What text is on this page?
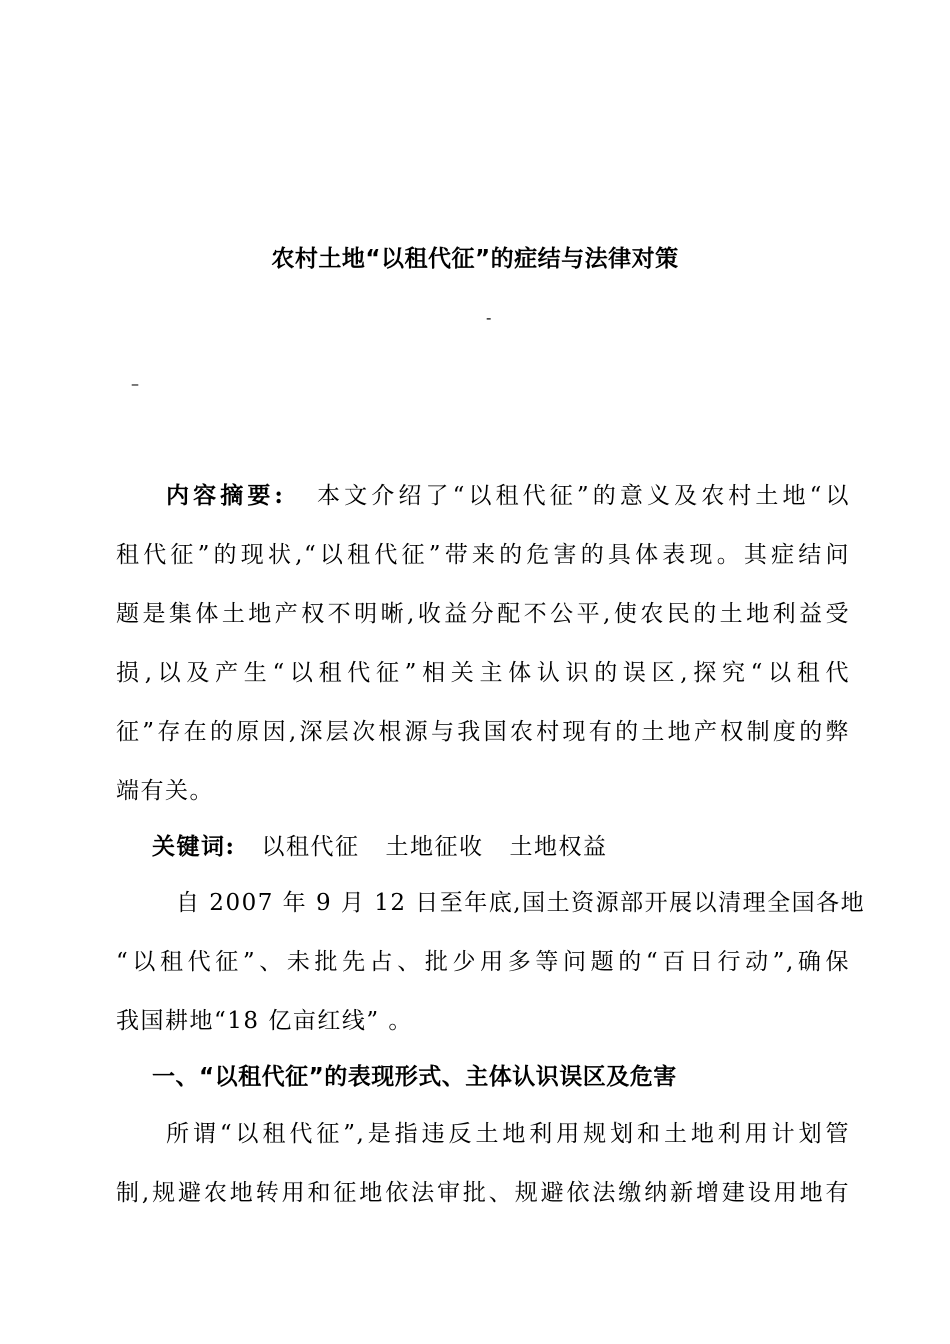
农村土地“以租代征”的症结与法律对策
-
–
内容摘要: 本文介绍了“以租代征”的意义及农村土地“以
租代征”的现状,“以租代征”带来的危害的具体表现。其症结问
题是集体土地产权不明晰,收益分配不公平,使农民的土地利益受
损,以及产生“以租代征”相关主体认识的误区,探究“以租代
征”存在的原因,深层次根源与我国农村现有的土地产权制度的弊
端有关。
关键词: 以租代征 土地征收 土地权益
自 2007 年 9 月 12 日至年底,国土资源部开展以清理全国各地
“以租代征”、未批先占、批少用多等问题的“百日行动”,确保
我国耕地“18 亿亩红线” 。
一、“以租代征”的表现形式、主体认识误区及危害
所谓“以租代征”,是指违反土地利用规划和土地利用计划管
制,规避农地转用和征地依法审批、规避依法缴纳新增建设用地有
